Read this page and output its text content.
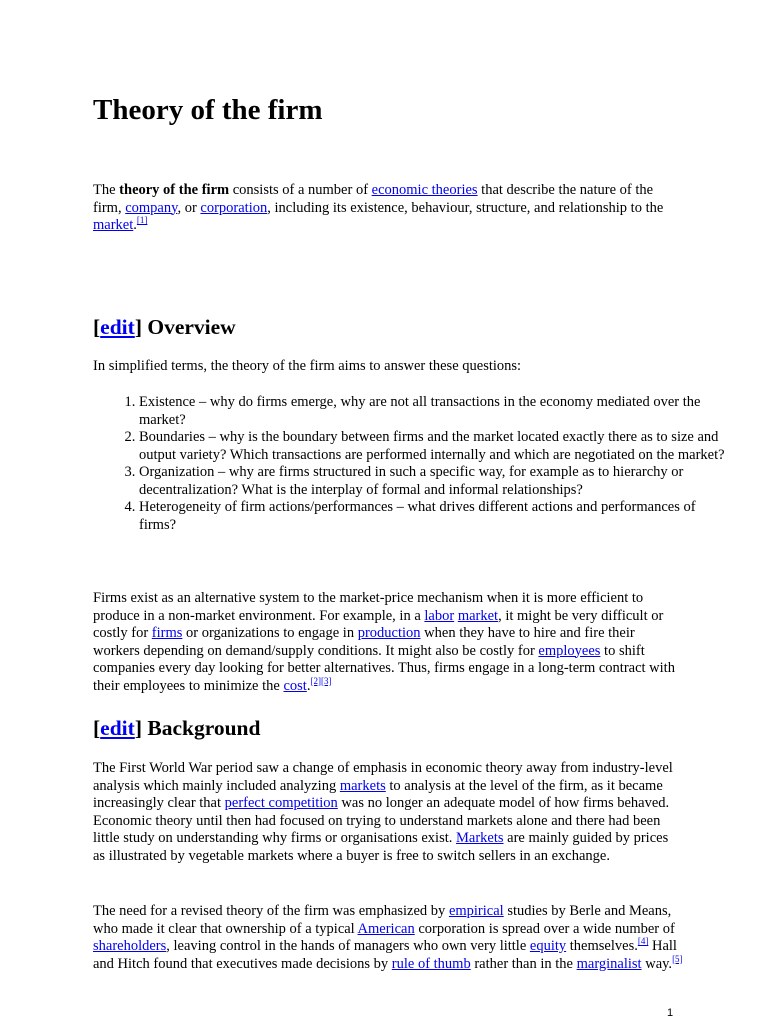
Theory of the firm

The theory of the firm consists of a number of economic theories that describe the nature of the firm, company, or corporation, including its existence, behaviour, structure, and relationship to the market.[1]

[edit] Overview

In simplified terms, the theory of the firm aims to answer these questions:

1. Existence – why do firms emerge, why are not all transactions in the economy mediated over the market?
2. Boundaries – why is the boundary between firms and the market located exactly there as to size and output variety? Which transactions are performed internally and which are negotiated on the market?
3. Organization – why are firms structured in such a specific way, for example as to hierarchy or decentralization? What is the interplay of formal and informal relationships?
4. Heterogeneity of firm actions/performances – what drives different actions and performances of firms?

Firms exist as an alternative system to the market-price mechanism when it is more efficient to produce in a non-market environment. For example, in a labor market, it might be very difficult or costly for firms or organizations to engage in production when they have to hire and fire their workers depending on demand/supply conditions. It might also be costly for employees to shift companies every day looking for better alternatives. Thus, firms engage in a long-term contract with their employees to minimize the cost.[2][3]

[edit] Background

The First World War period saw a change of emphasis in economic theory away from industry-level analysis which mainly included analyzing markets to analysis at the level of the firm, as it became increasingly clear that perfect competition was no longer an adequate model of how firms behaved. Economic theory until then had focused on trying to understand markets alone and there had been little study on understanding why firms or organisations exist. Markets are mainly guided by prices as illustrated by vegetable markets where a buyer is free to switch sellers in an exchange.

The need for a revised theory of the firm was emphasized by empirical studies by Berle and Means, who made it clear that ownership of a typical American corporation is spread over a wide number of shareholders, leaving control in the hands of managers who own very little equity themselves.[4] Hall and Hitch found that executives made decisions by rule of thumb rather than in the marginalist way.[5]

1
